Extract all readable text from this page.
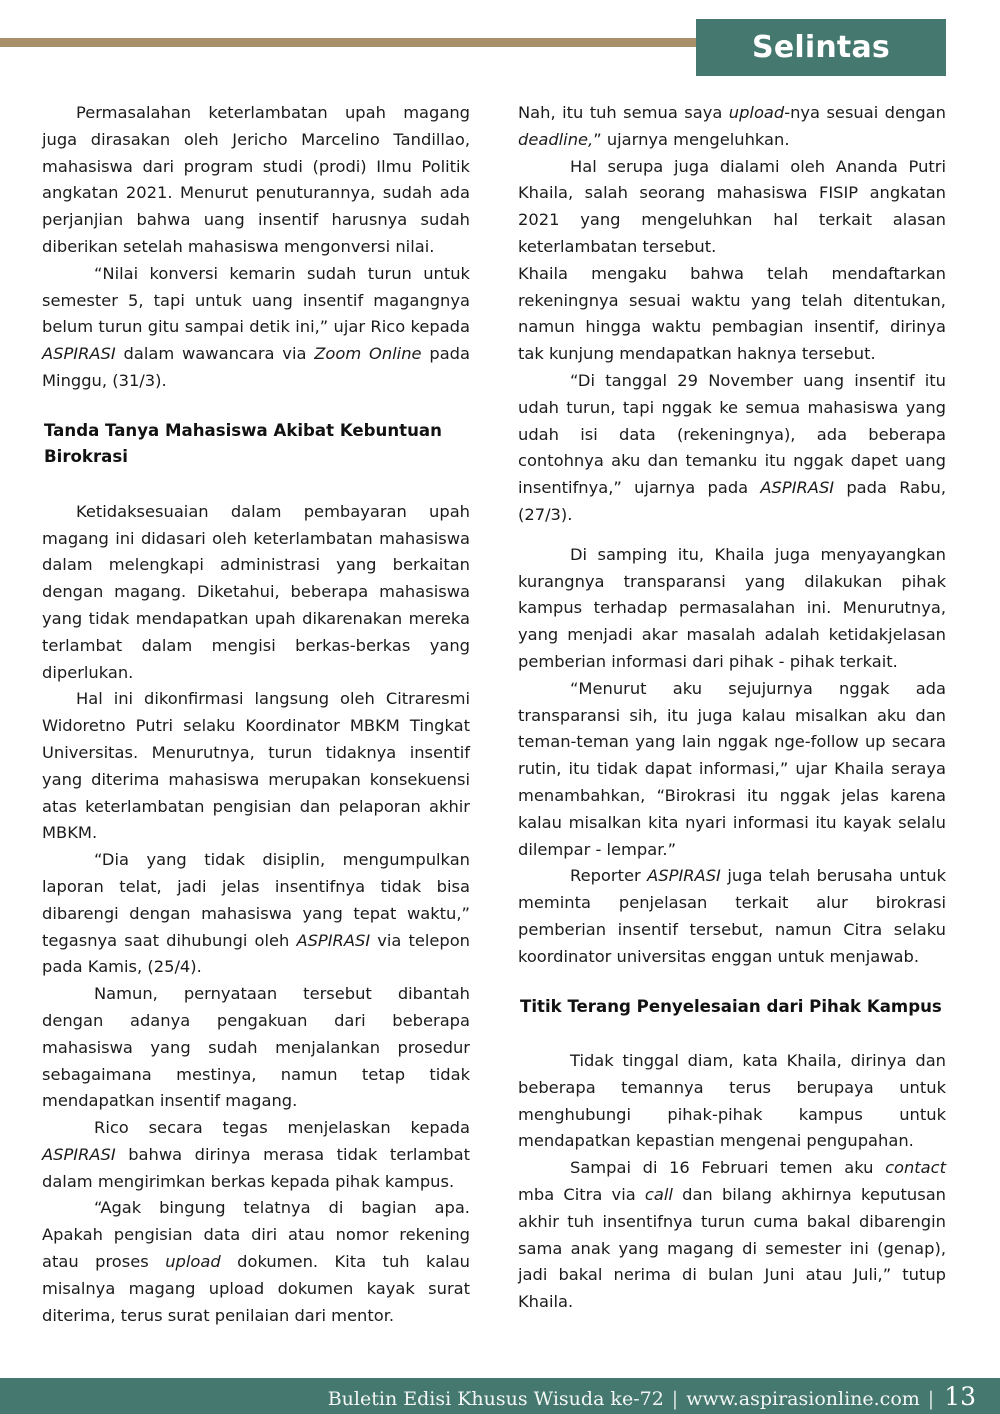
Selintas

Permasalahan keterlambatan upah magang juga dirasakan oleh Jericho Marcelino Tandillao, mahasiswa dari program studi (prodi) Ilmu Politik angkatan 2021. Menurut penuturannya, sudah ada perjanjian bahwa uang insentif harusnya sudah diberikan setelah mahasiswa mengonversi nilai.

“Nilai konversi kemarin sudah turun untuk semester 5, tapi untuk uang insentif magangnya belum turun gitu sampai detik ini,” ujar Rico kepada ASPIRASI dalam wawancara via Zoom Online pada Minggu, (31/3).

Tanda Tanya Mahasiswa Akibat Kebuntuan Birokrasi

Ketidaksesuaian dalam pembayaran upah magang ini didasari oleh keterlambatan mahasiswa dalam melengkapi administrasi yang berkaitan dengan magang. Diketahui, beberapa mahasiswa yang tidak mendapatkan upah dikarenakan mereka terlambat dalam mengisi berkas-berkas yang diperlukan.

Hal ini dikonfirmasi langsung oleh Citraresmi Widoretno Putri selaku Koordinator MBKM Tingkat Universitas. Menurutnya, turun tidaknya insentif yang diterima mahasiswa merupakan konsekuensi atas keterlambatan pengisian dan pelaporan akhir MBKM.

“Dia yang tidak disiplin, mengumpulkan laporan telat, jadi jelas insentifnya tidak bisa dibarengi dengan mahasiswa yang tepat waktu,” tegasnya saat dihubungi oleh ASPIRASI via telepon pada Kamis, (25/4).

Namun, pernyataan tersebut dibantah dengan adanya pengakuan dari beberapa mahasiswa yang sudah menjalankan prosedur sebagaimana mestinya, namun tetap tidak mendapatkan insentif magang.

Rico secara tegas menjelaskan kepada ASPIRASI bahwa dirinya merasa tidak terlambat dalam mengirimkan berkas kepada pihak kampus.

“Agak bingung telatnya di bagian apa. Apakah pengisian data diri atau nomor rekening atau proses upload dokumen. Kita tuh kalau misalnya magang upload dokumen kayak surat diterima, terus surat penilaian dari mentor.

Nah, itu tuh semua saya upload-nya sesuai dengan deadline,” ujarnya mengeluhkan.

Hal serupa juga dialami oleh Ananda Putri Khaila, salah seorang mahasiswa FISIP angkatan 2021 yang mengeluhkan hal terkait alasan keterlambatan tersebut.

Khaila mengaku bahwa telah mendaftarkan rekeningnya sesuai waktu yang telah ditentukan, namun hingga waktu pembagian insentif, dirinya tak kunjung mendapatkan haknya tersebut.

“Di tanggal 29 November uang insentif itu udah turun, tapi nggak ke semua mahasiswa yang udah isi data (rekeningnya), ada beberapa contohnya aku dan temanku itu nggak dapet uang insentifnya,” ujarnya pada ASPIRASI pada Rabu, (27/3).

Di samping itu, Khaila juga menyayangkan kurangnya transparansi yang dilakukan pihak kampus terhadap permasalahan ini. Menurutnya, yang menjadi akar masalah adalah ketidakjelasan pemberian informasi dari pihak - pihak terkait.

“Menurut aku sejujurnya nggak ada transparansi sih, itu juga kalau misalkan aku dan teman-teman yang lain nggak nge-follow up secara rutin, itu tidak dapat informasi,” ujar Khaila seraya menambahkan, “Birokrasi itu nggak jelas karena kalau misalkan kita nyari informasi itu kayak selalu dilempar - lempar.”

Reporter ASPIRASI juga telah berusaha untuk meminta penjelasan terkait alur birokrasi pemberian insentif tersebut, namun Citra selaku koordinator universitas enggan untuk menjawab.

Titik Terang Penyelesaian dari Pihak Kampus

Tidak tinggal diam, kata Khaila, dirinya dan beberapa temannya terus berupaya untuk menghubungi pihak-pihak kampus untuk mendapatkan kepastian mengenai pengupahan.

Sampai di 16 Februari temen aku contact mba Citra via call dan bilang akhirnya keputusan akhir tuh insentifnya turun cuma bakal dibarengin sama anak yang magang di semester ini (genap), jadi bakal nerima di bulan Juni atau Juli,” tutup Khaila.

Buletin Edisi Khusus Wisuda ke-72 | www.aspirasionline.com | 13
